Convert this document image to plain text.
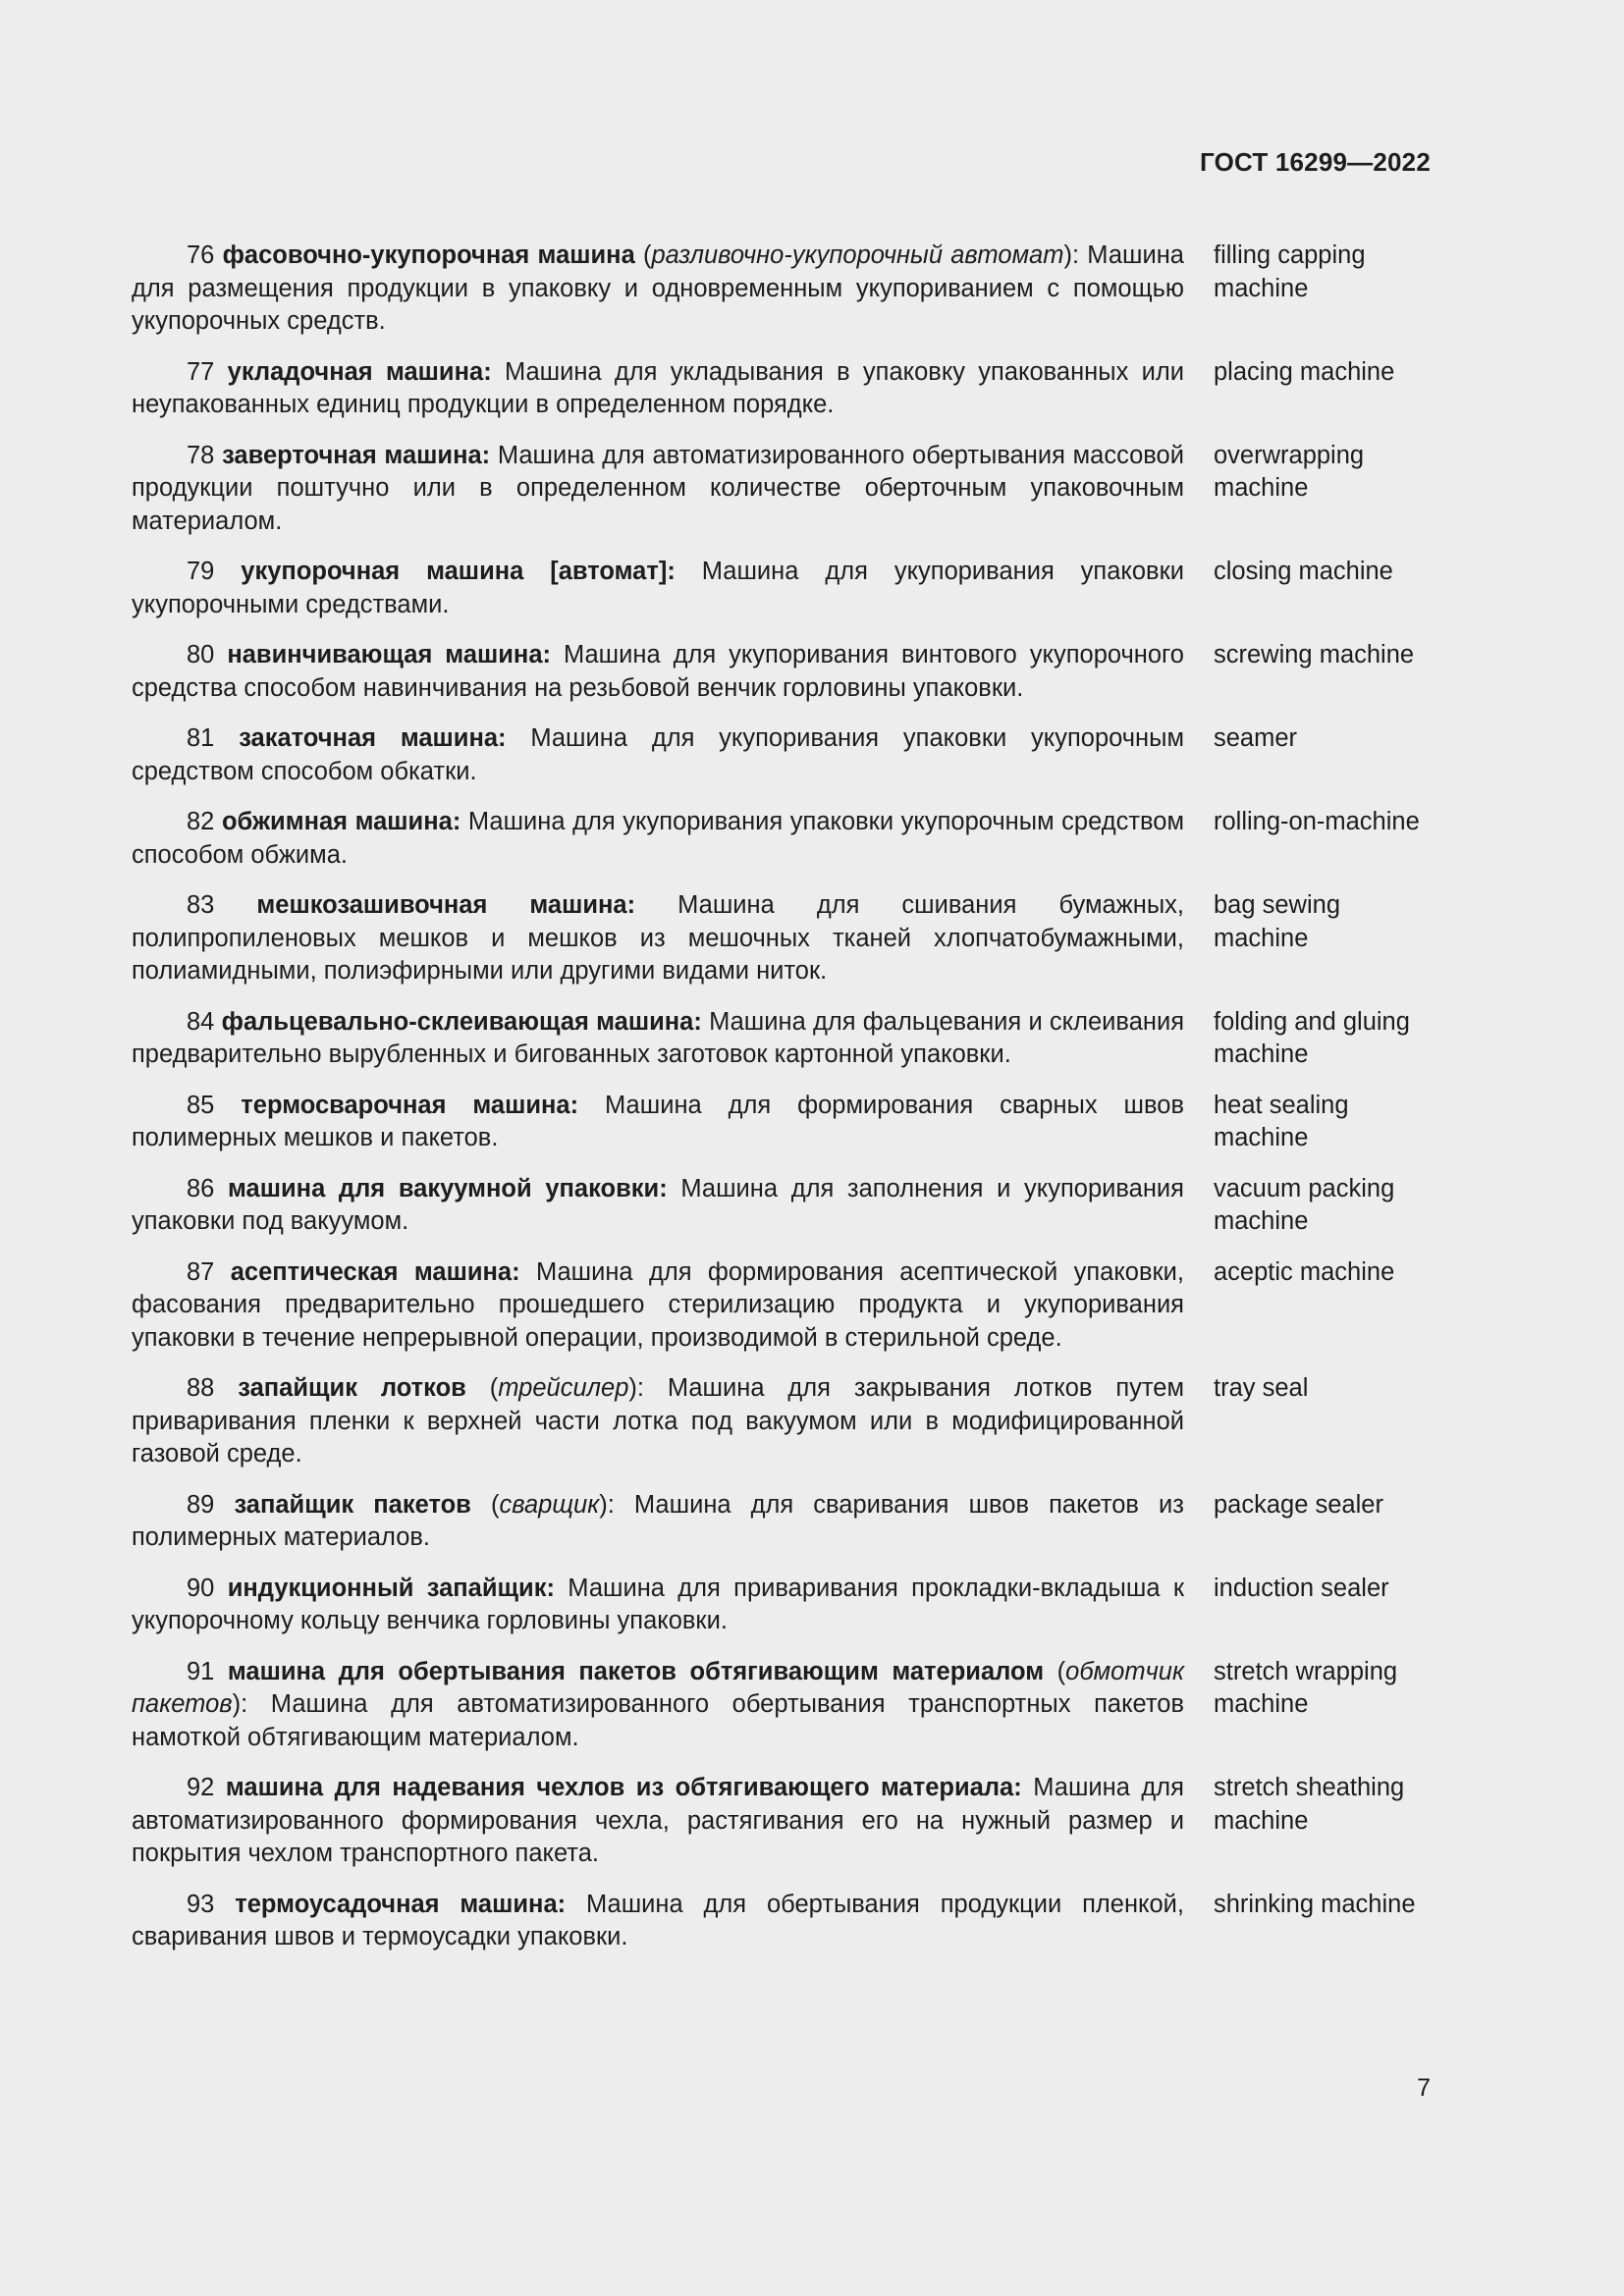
ГОСТ 16299—2022

76 фасовочно-укупорочная машина (разливочно-укупорочный автомат): Машина для размещения продукции в упаковку и одновременным укупориванием с помощью укупорочных средств.

filling capping machine

77 укладочная машина: Машина для укладывания в упаковку упакованных или неупакованных единиц продукции в определенном порядке.

placing machine

78 заверточная машина: Машина для автоматизированного обертывания массовой продукции поштучно или в определенном количестве оберточным упаковочным материалом.

overwrapping machine

79 укупорочная машина [автомат]: Машина для укупоривания упаковки укупорочными средствами.

closing machine

80 навинчивающая машина: Машина для укупоривания винтового укупорочного средства способом навинчивания на резьбовой венчик горловины упаковки.

screwing machine

81 закаточная машина: Машина для укупоривания упаковки укупорочным средством способом обкатки.

seamer

82 обжимная машина: Машина для укупоривания упаковки укупорочным средством способом обжима.

rolling-on-machine

83 мешкозашивочная машина: Машина для сшивания бумажных, полипропиленовых мешков и мешков из мешочных тканей хлопчатобумажными, полиамидными, полиэфирными или другими видами ниток.

bag sewing machine

84 фальцевально-склеивающая машина: Машина для фальцевания и склеивания предварительно вырубленных и бигованных заготовок картонной упаковки.

folding and gluing machine

85 термосварочная машина: Машина для формирования сварных швов полимерных мешков и пакетов.

heat sealing machine

86 машина для вакуумной упаковки: Машина для заполнения и укупоривания упаковки под вакуумом.

vacuum packing machine

87 асептическая машина: Машина для формирования асептической упаковки, фасования предварительно прошедшего стерилизацию продукта и укупоривания упаковки в течение непрерывной операции, производимой в стерильной среде.

aceptic machine

88 запайщик лотков (трейсилер): Машина для закрывания лотков путем приваривания пленки к верхней части лотка под вакуумом или в модифицированной газовой среде.

tray seal

89 запайщик пакетов (сварщик): Машина для сваривания швов пакетов из полимерных материалов.

package sealer

90 индукционный запайщик: Машина для приваривания прокладки-вкладыша к укупорочному кольцу венчика горловины упаковки.

induction sealer

91 машина для обертывания пакетов обтягивающим материалом (обмотчик пакетов): Машина для автоматизированного обертывания транспортных пакетов намоткой обтягивающим материалом.

stretch wrapping machine

92 машина для надевания чехлов из обтягивающего материала: Машина для автоматизированного формирования чехла, растягивания его на нужный размер и покрытия чехлом транспортного пакета.

stretch sheathing machine

93 термоусадочная машина: Машина для обертывания продукции пленкой, сваривания швов и термоусадки упаковки.

shrinking machine
7
